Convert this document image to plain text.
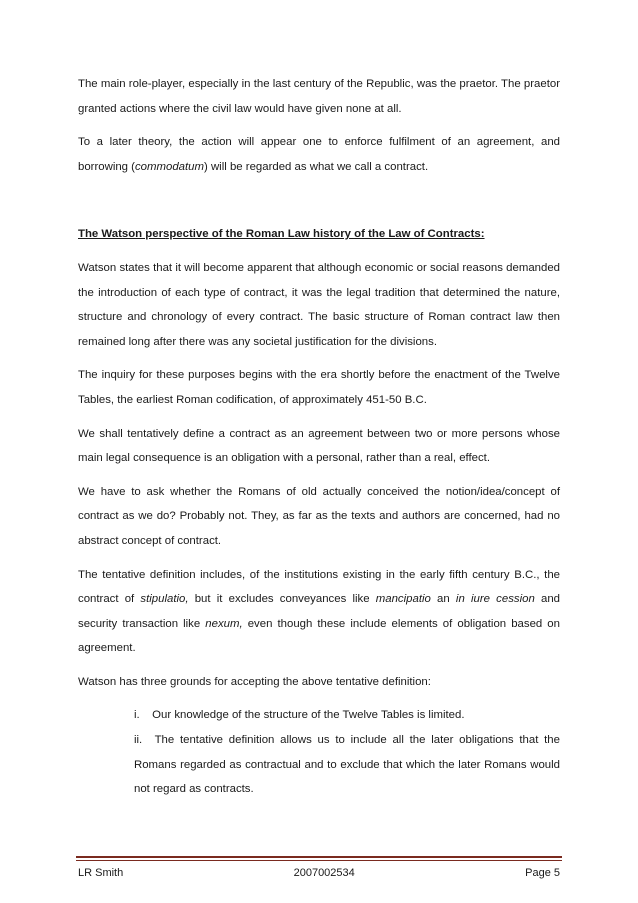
The main role-player, especially in the last century of the Republic, was the praetor. The praetor granted actions where the civil law would have given none at all.

To a later theory, the action will appear one to enforce fulfilment of an agreement, and borrowing (commodatum) will be regarded as what we call a contract.

The Watson perspective of the Roman Law history of the Law of Contracts:

Watson states that it will become apparent that although economic or social reasons demanded the introduction of each type of contract, it was the legal tradition that determined the nature, structure and chronology of every contract. The basic structure of Roman contract law then remained long after there was any societal justification for the divisions.

The inquiry for these purposes begins with the era shortly before the enactment of the Twelve Tables, the earliest Roman codification, of approximately 451-50 B.C.

We shall tentatively define a contract as an agreement between two or more persons whose main legal consequence is an obligation with a personal, rather than a real, effect.

We have to ask whether the Romans of old actually conceived the notion/idea/concept of contract as we do? Probably not. They, as far as the texts and authors are concerned, had no abstract concept of contract.

The tentative definition includes, of the institutions existing in the early fifth century B.C., the contract of stipulatio, but it excludes conveyances like mancipatio an in iure cession and security transaction like nexum, even though these include elements of obligation based on agreement.

Watson has three grounds for accepting the above tentative definition:

i. Our knowledge of the structure of the Twelve Tables is limited.
ii. The tentative definition allows us to include all the later obligations that the Romans regarded as contractual and to exclude that which the later Romans would not regard as contracts.
LR Smith	2007002534	Page 5
